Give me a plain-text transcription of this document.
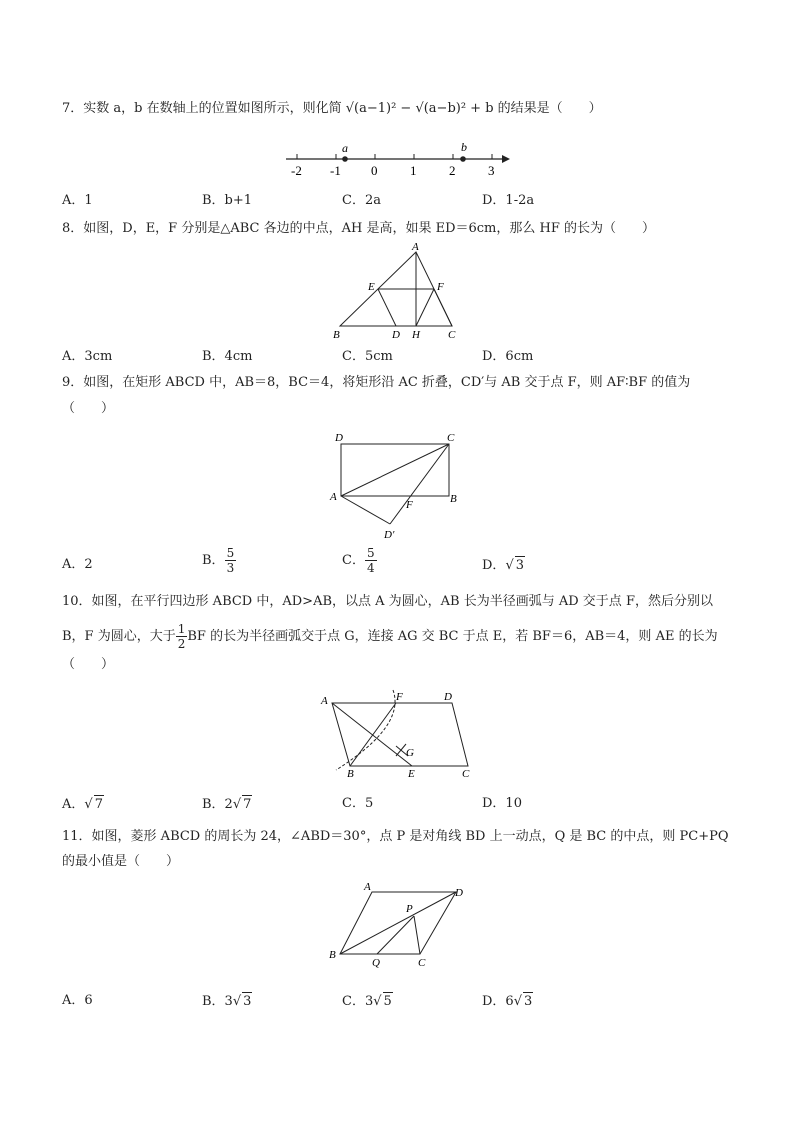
7．实数 a，b 在数轴上的位置如图所示，则化简 √(a−1)² − √(a−b)² + b 的结果是（　　）
a	b
-2 -1 0	1	2	3
A．1	B．b+1	C．2a	D．1-2a
8．如图，D，E，F 分别是△ABC 各边的中点，AH 是高，如果 ED＝6cm，那么 HF 的长为（　　）
A
E	F
B	D H	C
A．3cm	B．4cm	C．5cm	D．6cm
9．如图，在矩形 ABCD 中，AB＝8，BC＝4，将矩形沿 AC 折叠，CD′与 AB 交于点 F，则 AF∶BF 的值为
（　　）
D	C
A	B
F
D′
A．2	B． $\frac{5}{3}$	C． $\frac{5}{4}$	D．√ 3
10．如图，在平行四边形 ABCD 中，AD>AB，以点 A 为圆心，AB 长为半径画弧与 AD 交于点 F，然后分别以
B，F 为圆心，大于 $\frac{1}{2}$ BF 的长为半径画弧交于点 G，连接 AG 交 BC 于点 E，若 BF＝6，AB＝4，则 AE 的长为
（　　）
A	F	D
G
B	E	C
A．√ 7	B．2√ 7	C．5	D．10
11．如图，菱形 ABCD 的周长为 24，∠ABD＝30°，点 P 是对角线 BD 上一动点，Q 是 BC 的中点，则 PC+PQ
的最小值是（　　）
A	D
P
B
Q	C
A．6	B．3√ 3	C．3√ 5	D．6√ 3
